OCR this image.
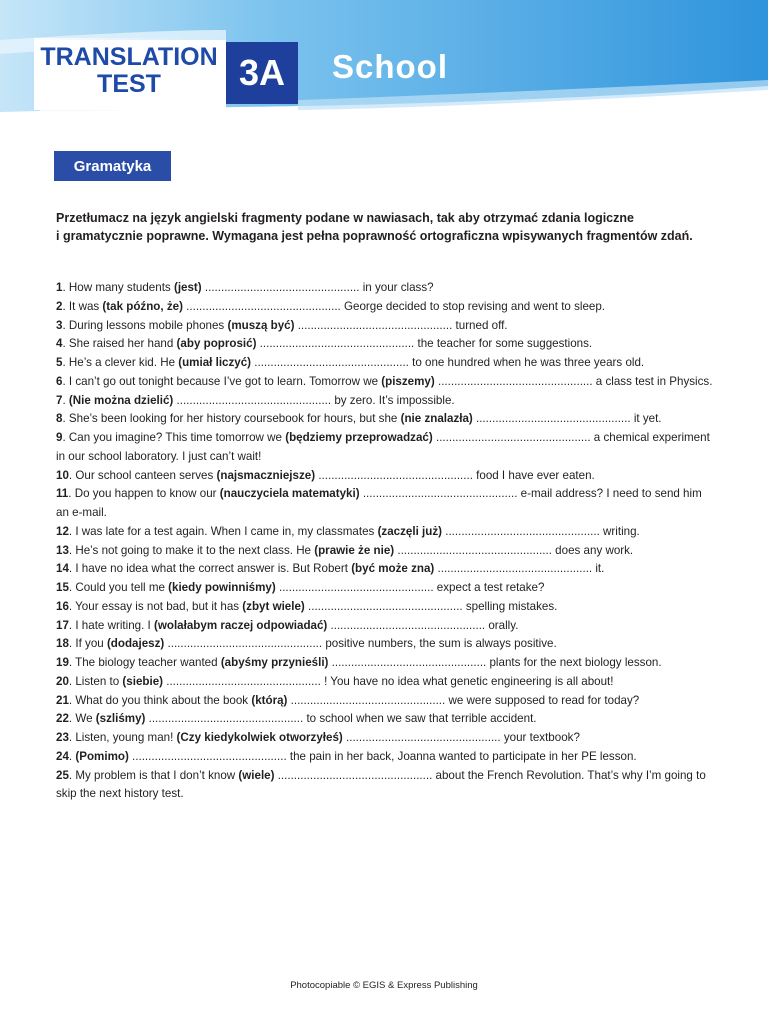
TRANSLATION
TEST	3A	School
Gramatyka
Przetłumacz na język angielski fragmenty podane w nawiasach, tak aby otrzymać zdania logiczne
i gramatycznie poprawne. Wymagana jest pełna poprawność ortograficzna wpisywanych fragmentów zdań.
1. How many students (jest) ................................................ in your class?
2. It was (tak późno, że) ................................................ George decided to stop revising and went to sleep.
3. During lessons mobile phones (muszą być) ................................................ turned off.
4. She raised her hand (aby poprosić) ................................................ the teacher for some suggestions.
5. He’s a clever kid. He (umiał liczyć) ................................................ to one hundred when he was three years old.
6. I can’t go out tonight because I’ve got to learn. Tomorrow we (piszemy) ................................................ a class test in Physics.
7. (Nie można dzielić) ................................................ by zero. It’s impossible.
8. She’s been looking for her history coursebook for hours, but she (nie znalazła) ................................................ it yet.
9. Can you imagine? This time tomorrow we (będziemy przeprowadzać) ................................................ a chemical experiment in our school laboratory. I just can’t wait!
10. Our school canteen serves (najsmaczniejsze) ................................................ food I have ever eaten.
11. Do you happen to know our (nauczyciela matematyki) ................................................ e-mail address? I need to send him an e-mail.
12. I was late for a test again. When I came in, my classmates (zaczęli już) ................................................ writing.
13. He’s not going to make it to the next class. He (prawie że nie) ................................................ does any work.
14. I have no idea what the correct answer is. But Robert (być może zna) ................................................ it.
15. Could you tell me (kiedy powinniśmy) ................................................ expect a test retake?
16. Your essay is not bad, but it has (zbyt wiele) ................................................ spelling mistakes.
17. I hate writing. I (wolałabym raczej odpowiadać) ................................................ orally.
18. If you (dodajesz) ................................................ positive numbers, the sum is always positive.
19. The biology teacher wanted (abyśmy przynieśli) ................................................ plants for the next biology lesson.
20. Listen to (siebie) ................................................ ! You have no idea what genetic engineering is all about!
21. What do you think about the book (którą) ................................................ we were supposed to read for today?
22. We (szliśmy) ................................................ to school when we saw that terrible accident.
23. Listen, young man! (Czy kiedykolwiek otworzyłeś) ................................................ your textbook?
24. (Pomimo) ................................................ the pain in her back, Joanna wanted to participate in her PE lesson.
25. My problem is that I don’t know (wiele) ................................................ about the French Revolution. That’s why I’m going to skip the next history test.
Photocopiable © EGIS & Express Publishing
